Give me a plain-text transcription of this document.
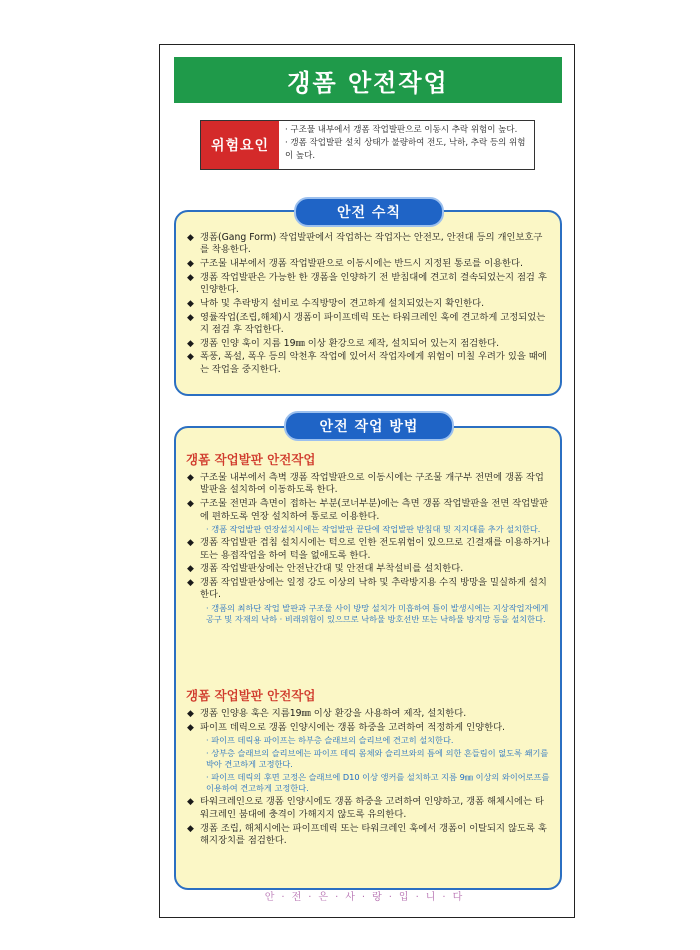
갱폼 안전작업
위험요인
· 구조물 내부에서 갱폼 작업발판으로 이동시 추락 위험이 높다.
· 갱폼 작업발판 설치 상태가 불량하여 전도, 낙하, 추락 등의 위험이 높다.
◆ 갱폼(Gang Form) 작업발판에서 작업하는 작업자는 안전모, 안전대 등의 개인보호구를 착용한다.
◆ 구조물 내부에서 갱폼 작업발판으로 이동시에는 반드시 지정된 통로를 이용한다.
◆ 갱폼 작업발판은 가능한 한 갱폼을 인양하기 전 받침대에 견고히 결속되었는지 점검 후 인양한다.
◆ 낙하 및 추락방지 설비로 수직방망이 견고하게 설치되었는지 확인한다.
◆ 영률작업(조립,해체)시 갱폼이 파이프데릭 또는 타워크레인 훅에 견고하게 고정되었는지 점검 후 작업한다.
◆ 갱폼 인양 훅이 지름 19㎜ 이상 환강으로 제작, 설치되어 있는지 점검한다.
◆ 폭풍, 폭설, 폭우 등의 악천후 작업에 있어서 작업자에게 위험이 미칠 우려가 있을 때에는 작업을 중지한다.
안전 수칙
갱폼 작업발판 안전작업
◆ 구조물 내부에서 측벽 갱폼 작업발판으로 이동시에는 구조물 개구부 전면에 갱폼 작업발판을 설치하여 이동하도록 한다.
◆ 구조물 전면과 측면이 접하는 부분(코너부분)에는 측면 갱폼 작업발판을 전면 작업발판에 편하도록 연장 설치하여 통로로 이용한다.
· 갱폼 작업발판 연장설치시에는 작업발판 끝단에 작업발판 받침대 및 지지대를 추가 설치한다.
◆ 갱폼 작업발판 겹침 설치시에는 턱으로 인한 전도위험이 있으므로 긴결재를 이용하거나 또는 용접작업을 하여 턱을 없애도록 한다.
◆ 갱폼 작업발판상에는 안전난간대 및 안전대 부착설비를 설치한다.
◆ 갱폼 작업발판상에는 일정 강도 이상의 낙하 및 추락방지용 수직 방망을 밀실하게 설치한다.
· 갱폼의 최하단 작업 발판과 구조물 사이 방망 설치가 미흡하여 틈이 발생시에는 지상작업자에게 공구 및 자재의 낙하 · 비래위험이 있으므로 낙하물 방호선반 또는 낙하물 방지망 등을 설치한다.
갱폼 작업발판 안전작업
◆ 갱폼 인양용 훅은 지름19㎜ 이상 환강을 사용하여 제작, 설치한다.
◆ 파이프 데릭으로 갱폼 인양시에는 갱폼 하중을 고려하여 적정하게 인양한다.
· 파이프 데릭용 파이프는 하부층 슬래브의 슬리브에 견고히 설치한다.
· 상부층 슬래브의 슬리브에는 파이프 데릭 몸체와 슬리브와의 틈에 의한 흔들림이 없도록 쐐기를 박아 견고하게 고정한다.
· 파이프 데릭의 후면 고정은 슬래브에 D10 이상 앵커를 설치하고 지름 9㎜ 이상의 와이어로프를 이용하여 견고하게 고정한다.
◆ 타워크레인으로 갱폼 인양시에도 갱폼 하중을 고려하여 인양하고, 갱폼 해체시에는 타워크레인 붐대에 충격이 가해지지 않도록 유의한다.
◆ 갱폼 조립, 해체시에는 파이프데릭 또는 타워크레인 훅에서 갱폼이 이탈되지 않도록 훅해지장치를 점검한다.
안전 작업 방법
안·전·은·사·랑·입·니·다
